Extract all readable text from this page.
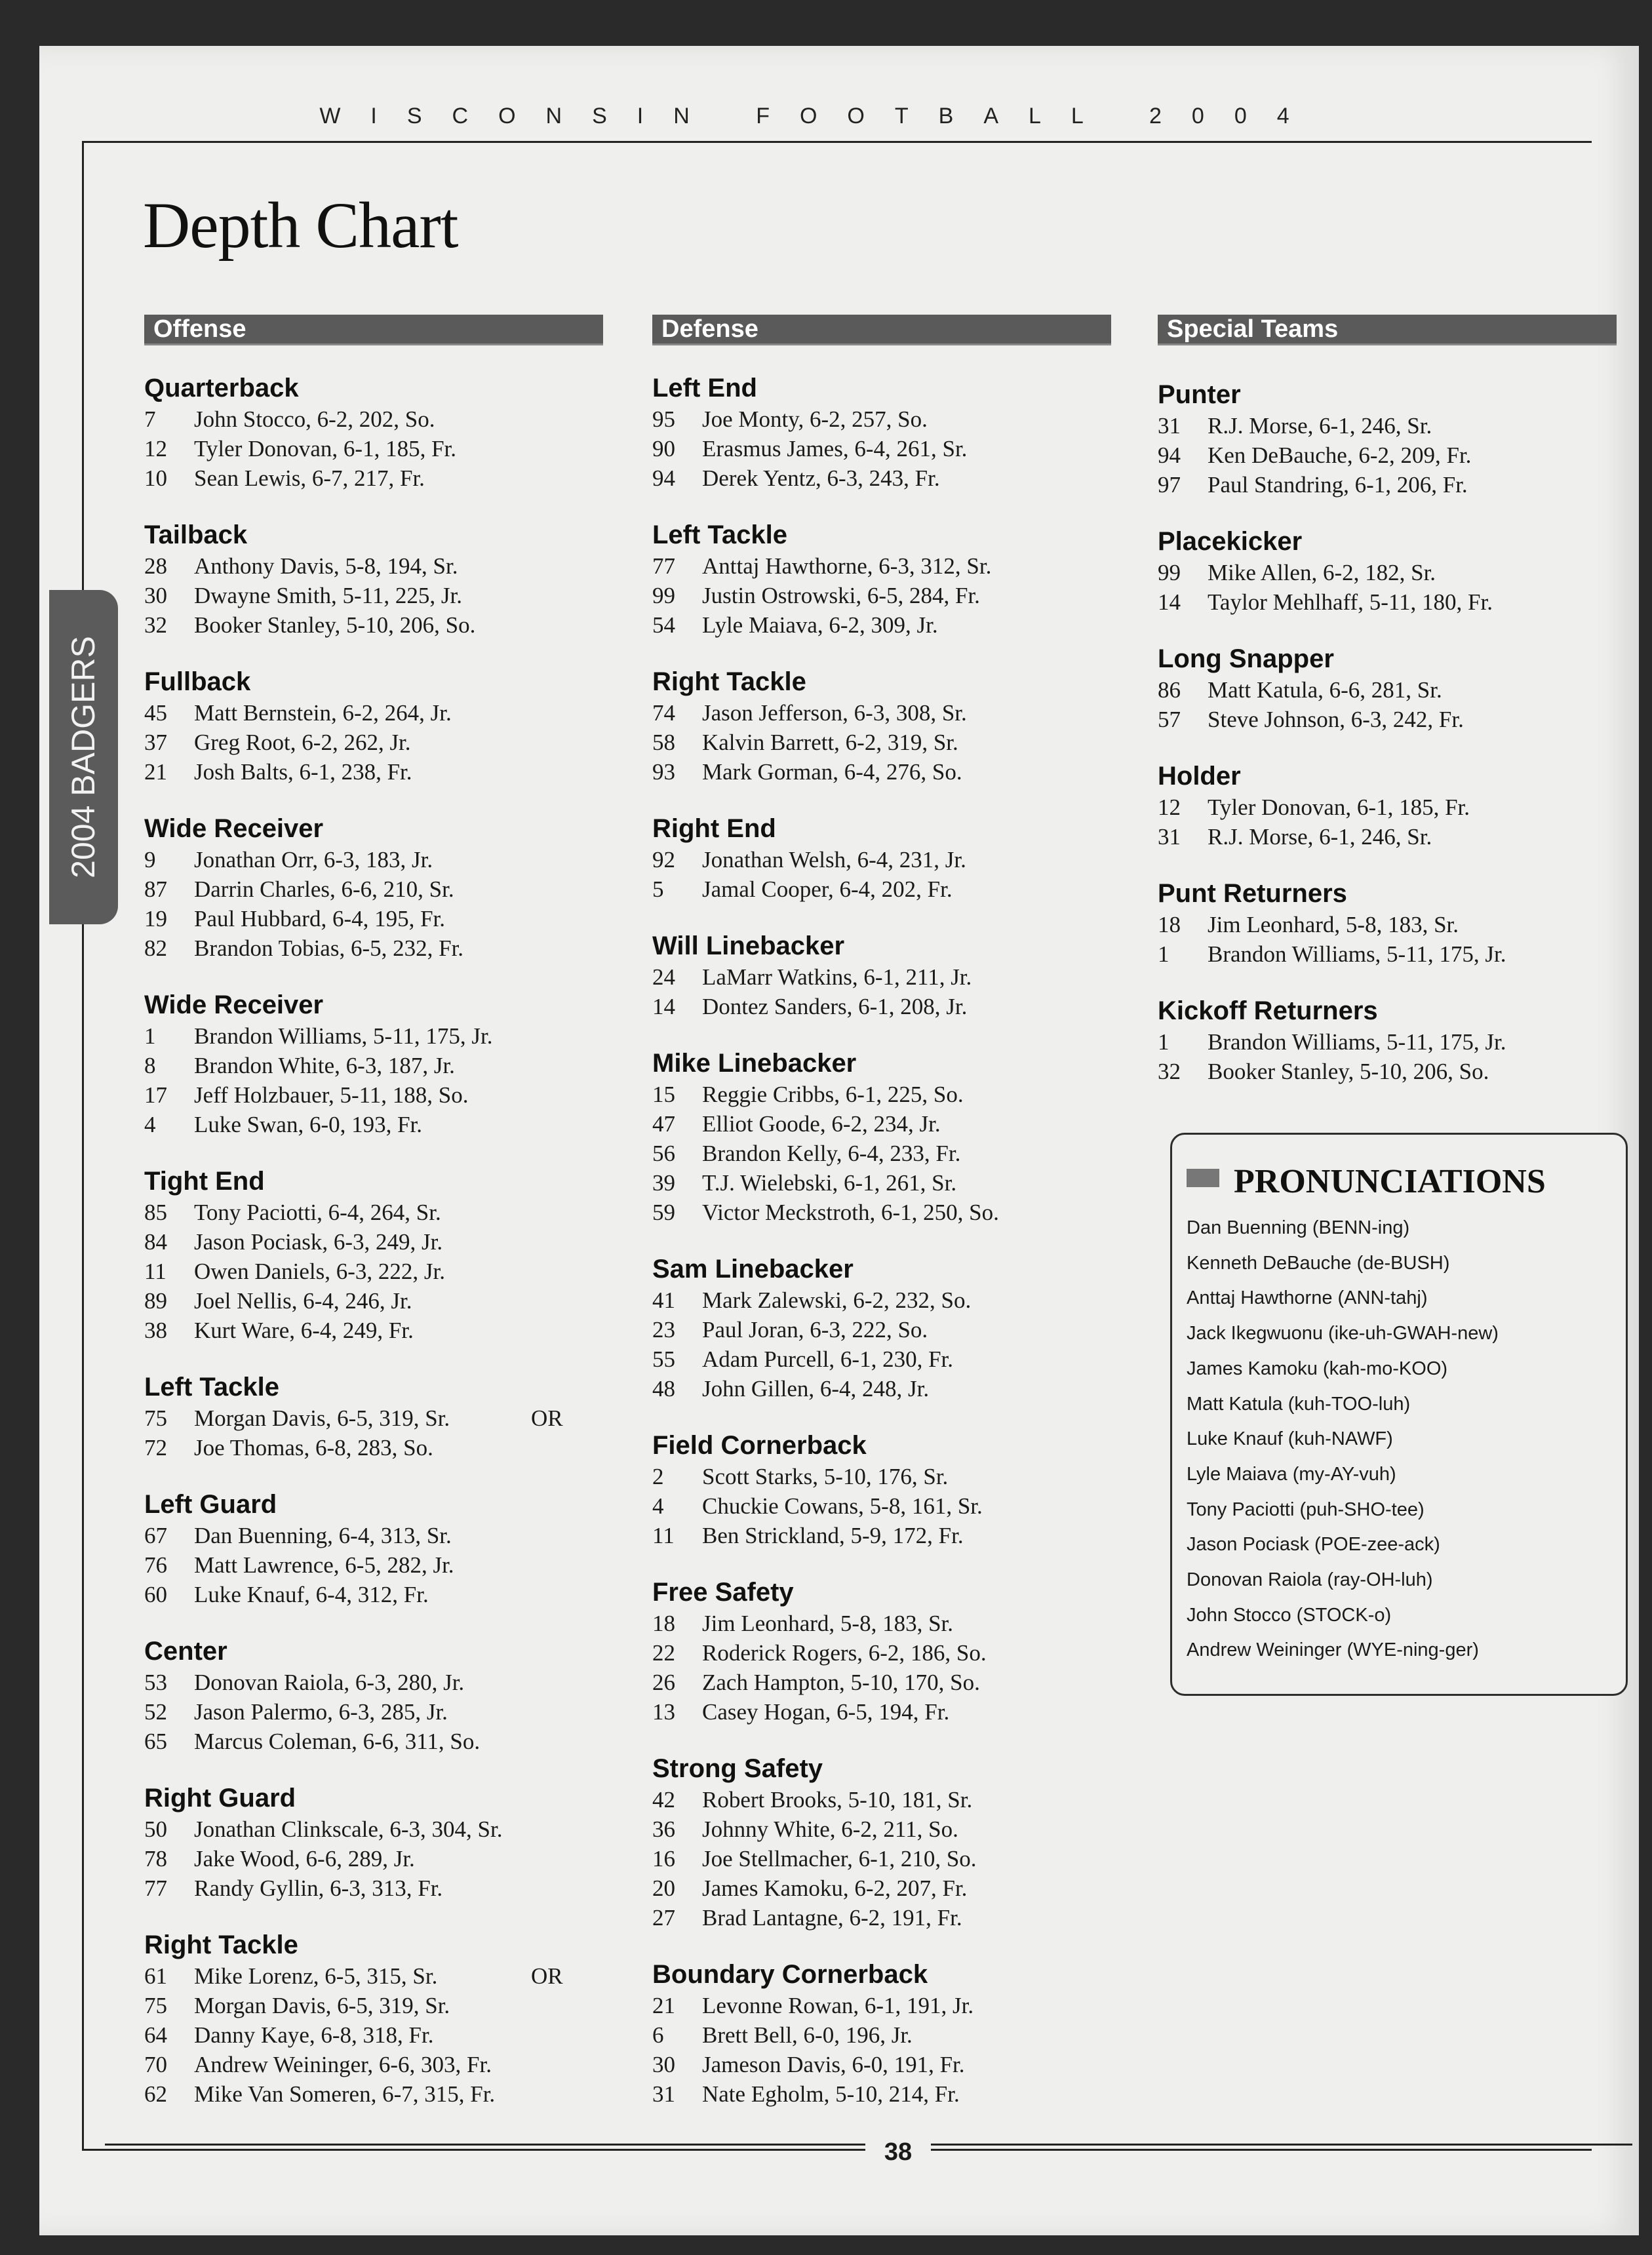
WISCONSIN FOOTBALL 2004
2004 BADGERS
Depth Chart
Offense
Quarterback
7 John Stocco, 6-2, 202, So.
12 Tyler Donovan, 6-1, 185, Fr.
10 Sean Lewis, 6-7, 217, Fr.
Tailback
28 Anthony Davis, 5-8, 194, Sr.
30 Dwayne Smith, 5-11, 225, Jr.
32 Booker Stanley, 5-10, 206, So.
Fullback
45 Matt Bernstein, 6-2, 264, Jr.
37 Greg Root, 6-2, 262, Jr.
21 Josh Balts, 6-1, 238, Fr.
Wide Receiver
9 Jonathan Orr, 6-3, 183, Jr.
87 Darrin Charles, 6-6, 210, Sr.
19 Paul Hubbard, 6-4, 195, Fr.
82 Brandon Tobias, 6-5, 232, Fr.
Wide Receiver
1 Brandon Williams, 5-11, 175, Jr.
8 Brandon White, 6-3, 187, Jr.
17 Jeff Holzbauer, 5-11, 188, So.
4 Luke Swan, 6-0, 193, Fr.
Tight End
85 Tony Paciotti, 6-4, 264, Sr.
84 Jason Pociask, 6-3, 249, Jr.
11 Owen Daniels, 6-3, 222, Jr.
89 Joel Nellis, 6-4, 246, Jr.
38 Kurt Ware, 6-4, 249, Fr.
Left Tackle
75 Morgan Davis, 6-5, 319, Sr.	OR
72 Joe Thomas, 6-8, 283, So.
Left Guard
67 Dan Buenning, 6-4, 313, Sr.
76 Matt Lawrence, 6-5, 282, Jr.
60 Luke Knauf, 6-4, 312, Fr.
Center
53 Donovan Raiola, 6-3, 280, Jr.
52 Jason Palermo, 6-3, 285, Jr.
65 Marcus Coleman, 6-6, 311, So.
Right Guard
50 Jonathan Clinkscale, 6-3, 304, Sr.
78 Jake Wood, 6-6, 289, Jr.
77 Randy Gyllin, 6-3, 313, Fr.
Right Tackle
61 Mike Lorenz, 6-5, 315, Sr.	OR
75 Morgan Davis, 6-5, 319, Sr.
64 Danny Kaye, 6-8, 318, Fr.
70 Andrew Weininger, 6-6, 303, Fr.
62 Mike Van Someren, 6-7, 315, Fr.
Defense
Left End
95 Joe Monty, 6-2, 257, So.
90 Erasmus James, 6-4, 261, Sr.
94 Derek Yentz, 6-3, 243, Fr.
Left Tackle
77 Anttaj Hawthorne, 6-3, 312, Sr.
99 Justin Ostrowski, 6-5, 284, Fr.
54 Lyle Maiava, 6-2, 309, Jr.
Right Tackle
74 Jason Jefferson, 6-3, 308, Sr.
58 Kalvin Barrett, 6-2, 319, Sr.
93 Mark Gorman, 6-4, 276, So.
Right End
92 Jonathan Welsh, 6-4, 231, Jr.
5 Jamal Cooper, 6-4, 202, Fr.
Will Linebacker
24 LaMarr Watkins, 6-1, 211, Jr.
14 Dontez Sanders, 6-1, 208, Jr.
Mike Linebacker
15 Reggie Cribbs, 6-1, 225, So.
47 Elliot Goode, 6-2, 234, Jr.
56 Brandon Kelly, 6-4, 233, Fr.
39 T.J. Wielebski, 6-1, 261, Sr.
59 Victor Meckstroth, 6-1, 250, So.
Sam Linebacker
41 Mark Zalewski, 6-2, 232, So.
23 Paul Joran, 6-3, 222, So.
55 Adam Purcell, 6-1, 230, Fr.
48 John Gillen, 6-4, 248, Jr.
Field Cornerback
2 Scott Starks, 5-10, 176, Sr.
4 Chuckie Cowans, 5-8, 161, Sr.
11 Ben Strickland, 5-9, 172, Fr.
Free Safety
18 Jim Leonhard, 5-8, 183, Sr.
22 Roderick Rogers, 6-2, 186, So.
26 Zach Hampton, 5-10, 170, So.
13 Casey Hogan, 6-5, 194, Fr.
Strong Safety
42 Robert Brooks, 5-10, 181, Sr.
36 Johnny White, 6-2, 211, So.
16 Joe Stellmacher, 6-1, 210, So.
20 James Kamoku, 6-2, 207, Fr.
27 Brad Lantagne, 6-2, 191, Fr.
Boundary Cornerback
21 Levonne Rowan, 6-1, 191, Jr.
6 Brett Bell, 6-0, 196, Jr.
30 Jameson Davis, 6-0, 191, Fr.
31 Nate Egholm, 5-10, 214, Fr.
Special Teams
Punter
31 R.J. Morse, 6-1, 246, Sr.
94 Ken DeBauche, 6-2, 209, Fr.
97 Paul Standring, 6-1, 206, Fr.
Placekicker
99 Mike Allen, 6-2, 182, Sr.
14 Taylor Mehlhaff, 5-11, 180, Fr.
Long Snapper
86 Matt Katula, 6-6, 281, Sr.
57 Steve Johnson, 6-3, 242, Fr.
Holder
12 Tyler Donovan, 6-1, 185, Fr.
31 R.J. Morse, 6-1, 246, Sr.
Punt Returners
18 Jim Leonhard, 5-8, 183, Sr.
1 Brandon Williams, 5-11, 175, Jr.
Kickoff Returners
1 Brandon Williams, 5-11, 175, Jr.
32 Booker Stanley, 5-10, 206, So.
PRONUNCIATIONS
Dan Buenning (BENN-ing)
Kenneth DeBauche (de-BUSH)
Anttaj Hawthorne (ANN-tahj)
Jack Ikegwuonu (ike-uh-GWAH-new)
James Kamoku (kah-mo-KOO)
Matt Katula (kuh-TOO-luh)
Luke Knauf (kuh-NAWF)
Lyle Maiava (my-AY-vuh)
Tony Paciotti (puh-SHO-tee)
Jason Pociask (POE-zee-ack)
Donovan Raiola (ray-OH-luh)
John Stocco (STOCK-o)
Andrew Weininger (WYE-ning-ger)
38
